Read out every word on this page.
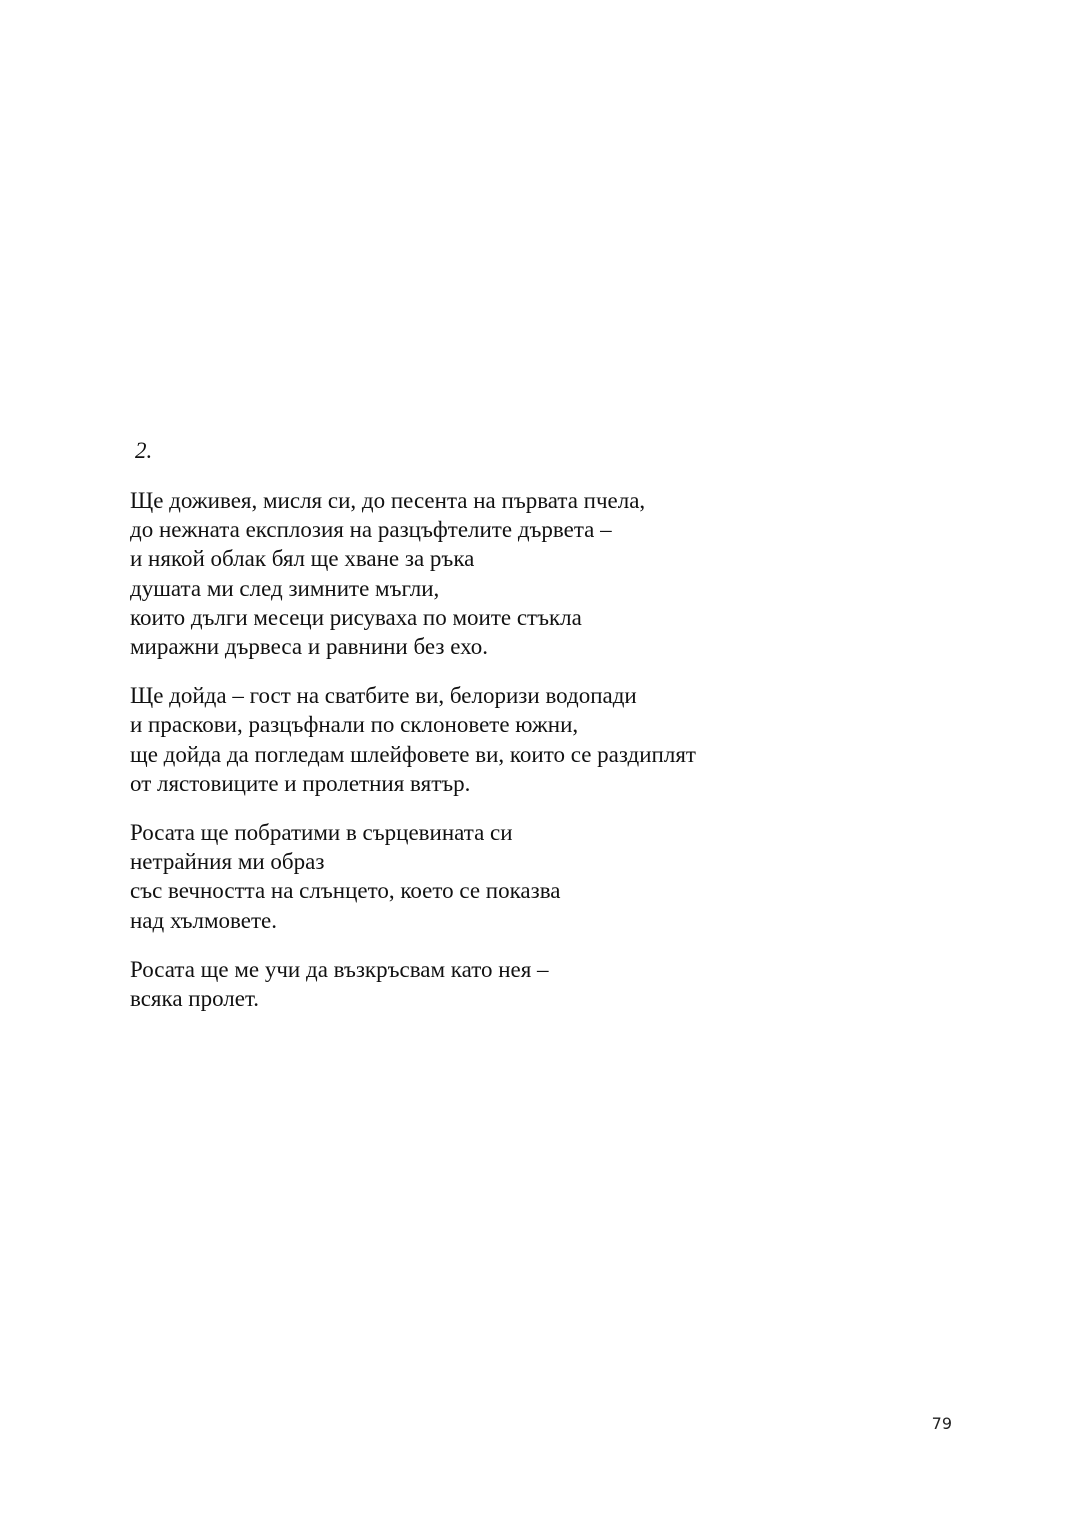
2.
Ще доживея, мисля си, до песента на първата пчела,
до нежната експлозия на разцъфтелите дървета –
и някой облак бял ще хване за ръка
душата ми след зимните мъгли,
които дълги месеци рисуваха по моите стъкла
миражни дървеса и равнини без ехо.
Ще дойда – гост на сватбите ви, белоризи водопади
и праскови, разцъфнали по склоновете южни,
ще дойда да погледам шлейфовете ви, които се раздиплят
от лястовиците и пролетния вятър.
Росата ще побратими в сърцевината си
нетрайния ми образ
със вечността на слънцето, което се показва
над хълмовете.
Росата ще ме учи да възкръсвам като нея –
всяка пролет.
79
